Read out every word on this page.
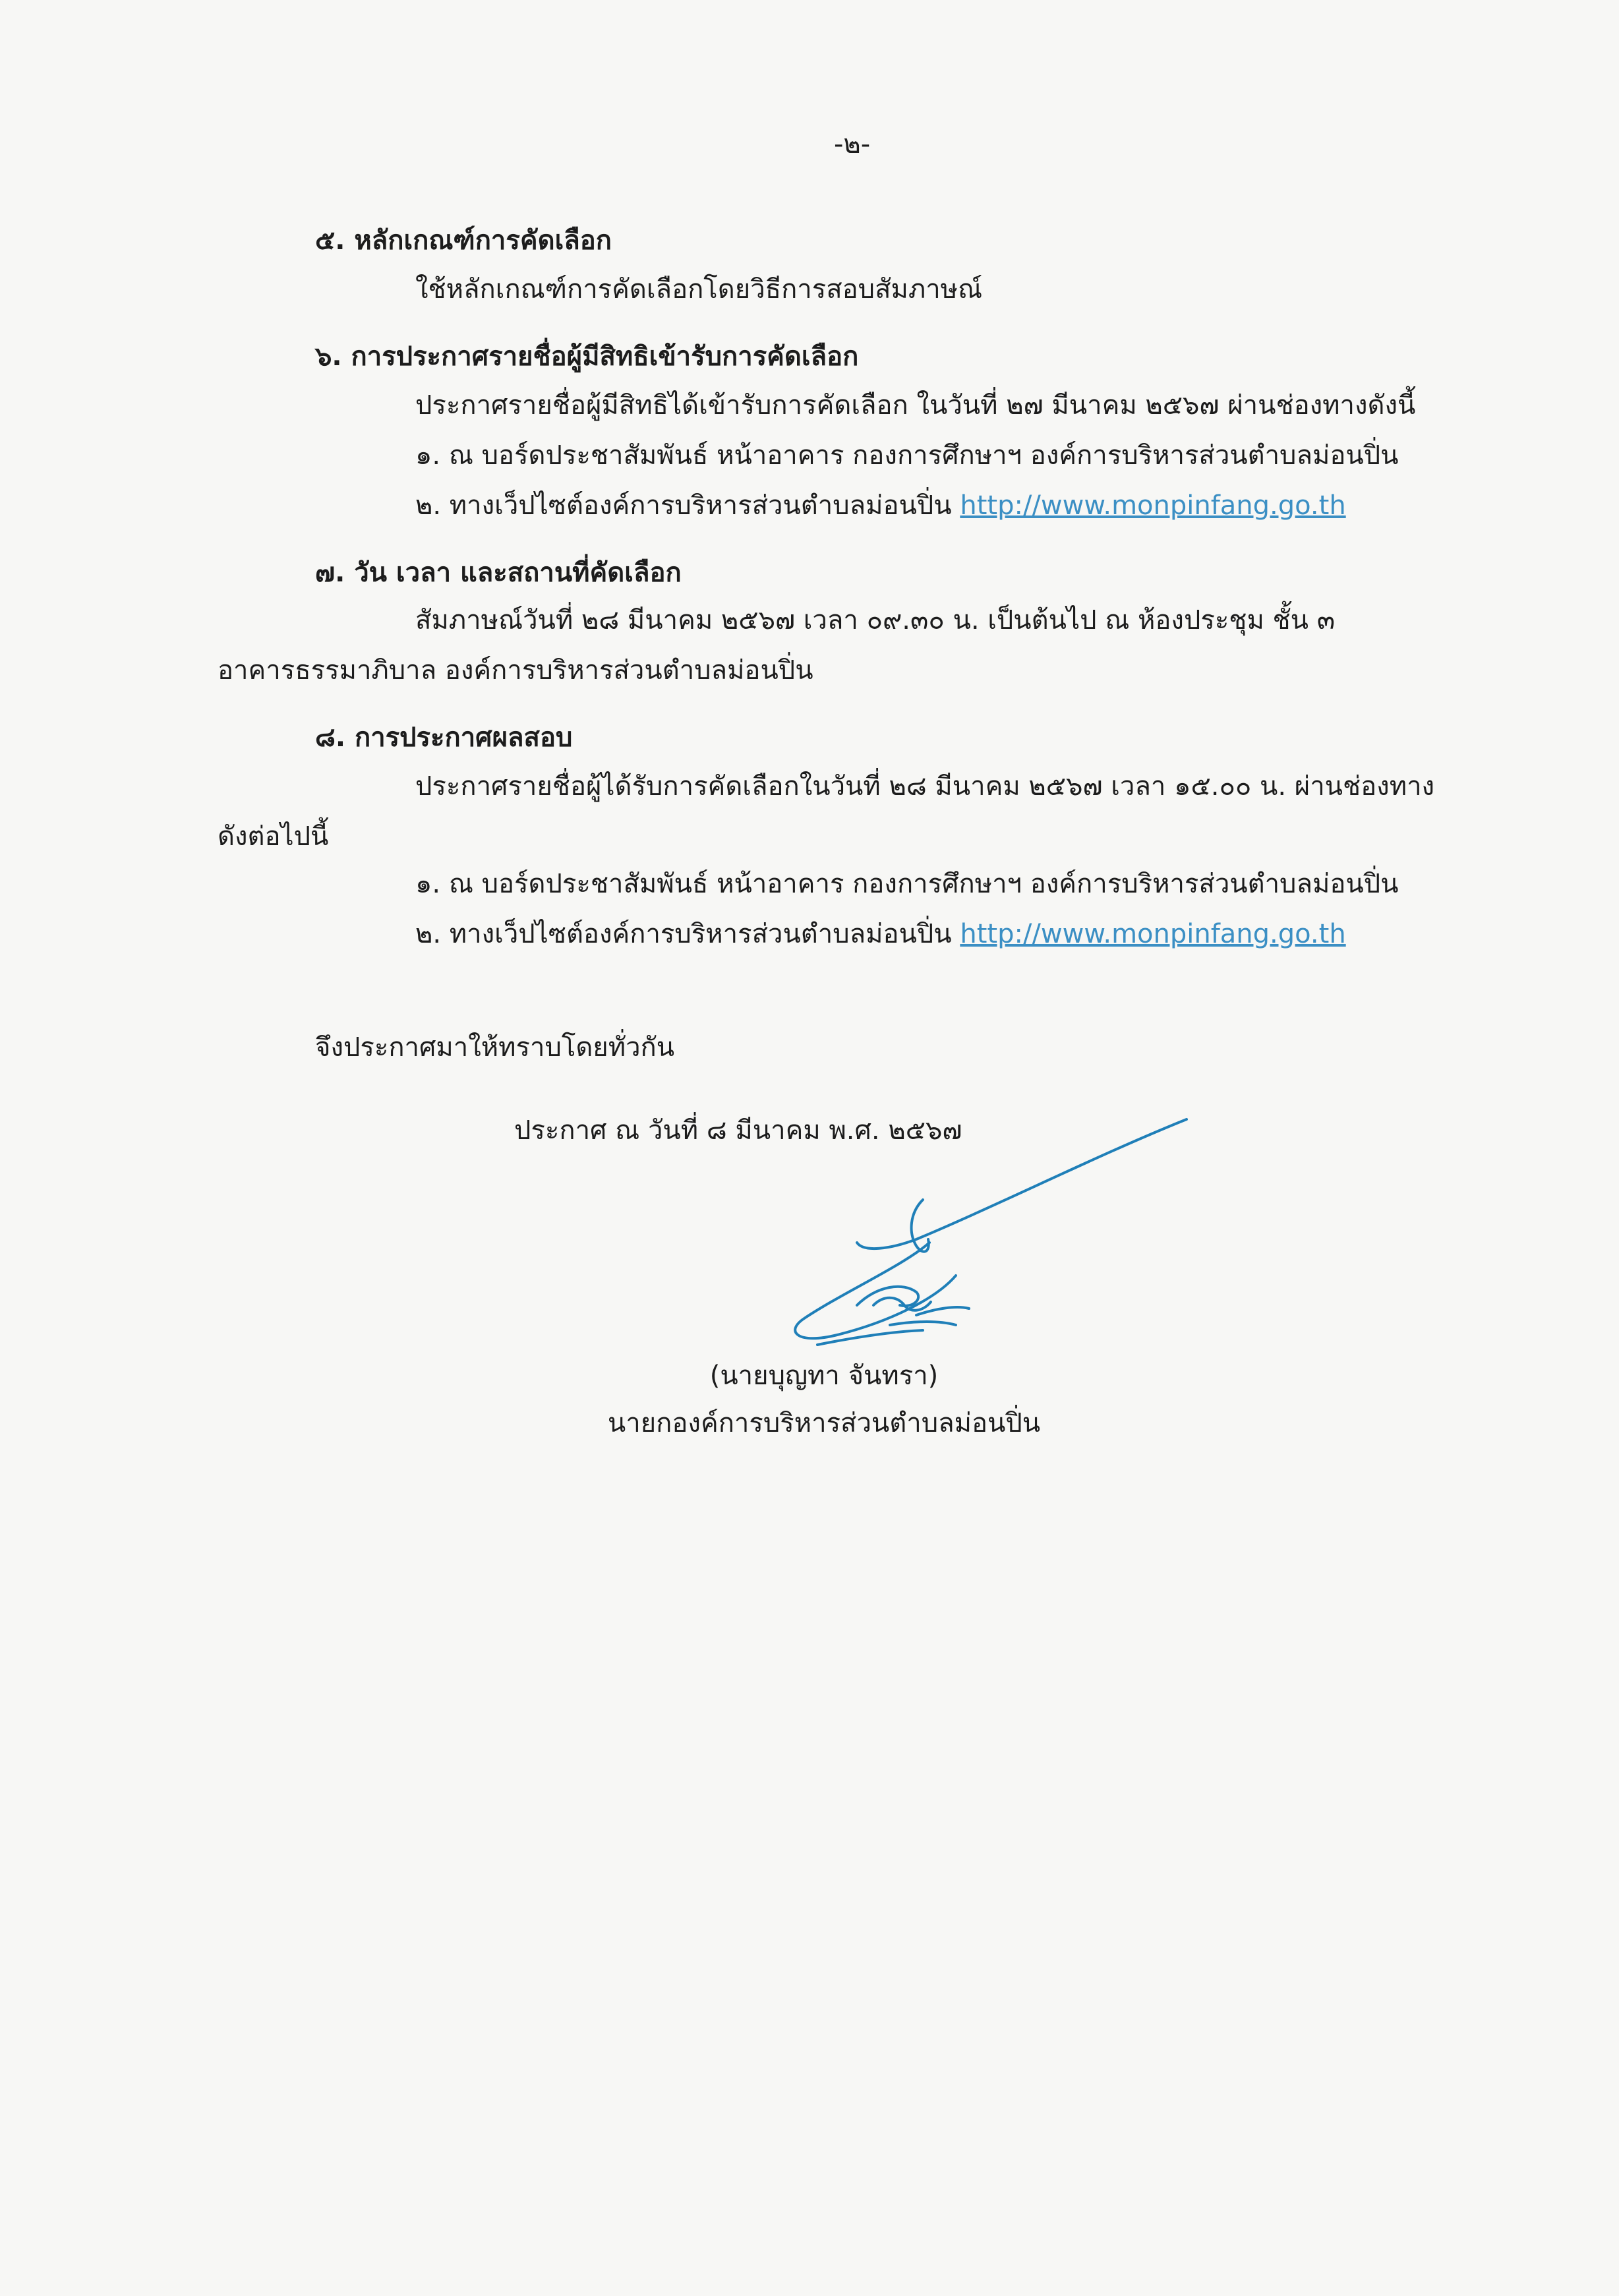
-๒-
๕. หลักเกณฑ์การคัดเลือก
ใช้หลักเกณฑ์การคัดเลือกโดยวิธีการสอบสัมภาษณ์
๖. การประกาศรายชื่อผู้มีสิทธิเข้ารับการคัดเลือก
ประกาศรายชื่อผู้มีสิทธิได้เข้ารับการคัดเลือก ในวันที่ ๒๗ มีนาคม ๒๕๖๗ ผ่านช่องทางดังนี้
๑. ณ บอร์ดประชาสัมพันธ์ หน้าอาคาร กองการศึกษาฯ องค์การบริหารส่วนตำบลม่อนปิ่น
๒. ทางเว็ปไซต์องค์การบริหารส่วนตำบลม่อนปิ่น http://www.monpinfang.go.th
๗. วัน เวลา และสถานที่คัดเลือก
สัมภาษณ์วันที่ ๒๘ มีนาคม ๒๕๖๗ เวลา ๐๙.๓๐ น. เป็นต้นไป ณ ห้องประชุม ชั้น ๓
อาคารธรรมาภิบาล องค์การบริหารส่วนตำบลม่อนปิ่น
๘. การประกาศผลสอบ
ประกาศรายชื่อผู้ได้รับการคัดเลือกในวันที่ ๒๘ มีนาคม ๒๕๖๗ เวลา ๑๕.๐๐ น. ผ่านช่องทาง
ดังต่อไปนี้
๑. ณ บอร์ดประชาสัมพันธ์ หน้าอาคาร กองการศึกษาฯ องค์การบริหารส่วนตำบลม่อนปิ่น
๒. ทางเว็ปไซต์องค์การบริหารส่วนตำบลม่อนปิ่น http://www.monpinfang.go.th
จึงประกาศมาให้ทราบโดยทั่วกัน
ประกาศ ณ วันที่ ๘ มีนาคม พ.ศ. ๒๕๖๗
(นายบุญทา จันทรา)
นายกองค์การบริหารส่วนตำบลม่อนปิ่น
